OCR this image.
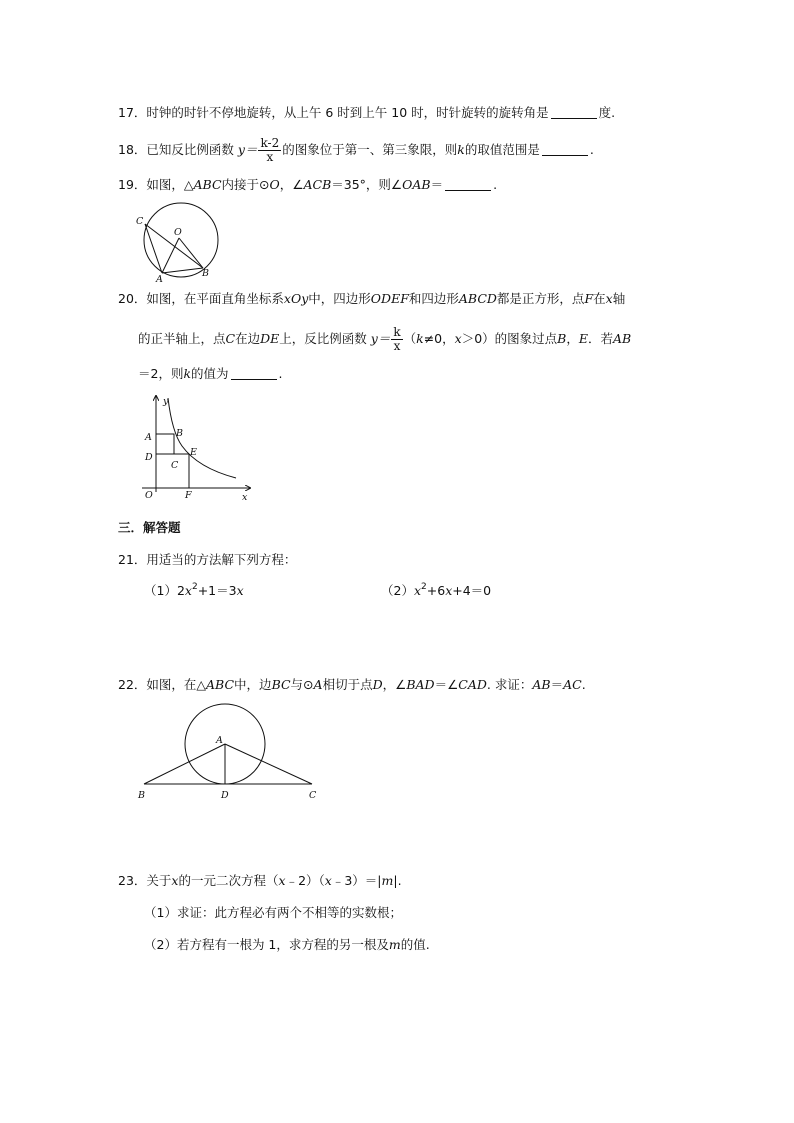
17．时钟的时针不停地旋转，从上午 6 时到上午 10 时，时针旋转的旋转角是	度.
18．已知反比例函数 $y= \frac{k-2}{x}$ 的图象位于第一、第三象限，则k的取值范围是	.
19．如图，△ABC内接于⊙O，∠ACB＝35°，则∠OAB＝	.
C
O
A
B
20．如图，在平面直角坐标系xOy中，四边形ODEF和四边形ABCD都是正方形，点F在x轴
的正半轴上，点C在边DE上，反比例函数 $y= \frac{k}{x} (k\ne 0$，x＞0）的图象过点B，E．若AB
＝2，则k的值为	.
y
x
A	B
D
C
E
O	F
三．解答题
21．用适当的方法解下列方程：
$(1)2x^2+1=3x$	$(2)x^2+6x+4=0$
22．如图，在△ABC中，边BC与⊙A相切于点D，∠BAD＝∠CAD. 求证：AB＝AC.
A
B	D	C
23．关于x的一元二次方程（x﹣2）（x﹣3）＝|m|.
（1）求证：此方程必有两个不相等的实数根；
（2）若方程有一根为 1，求方程的另一根及m的值.
